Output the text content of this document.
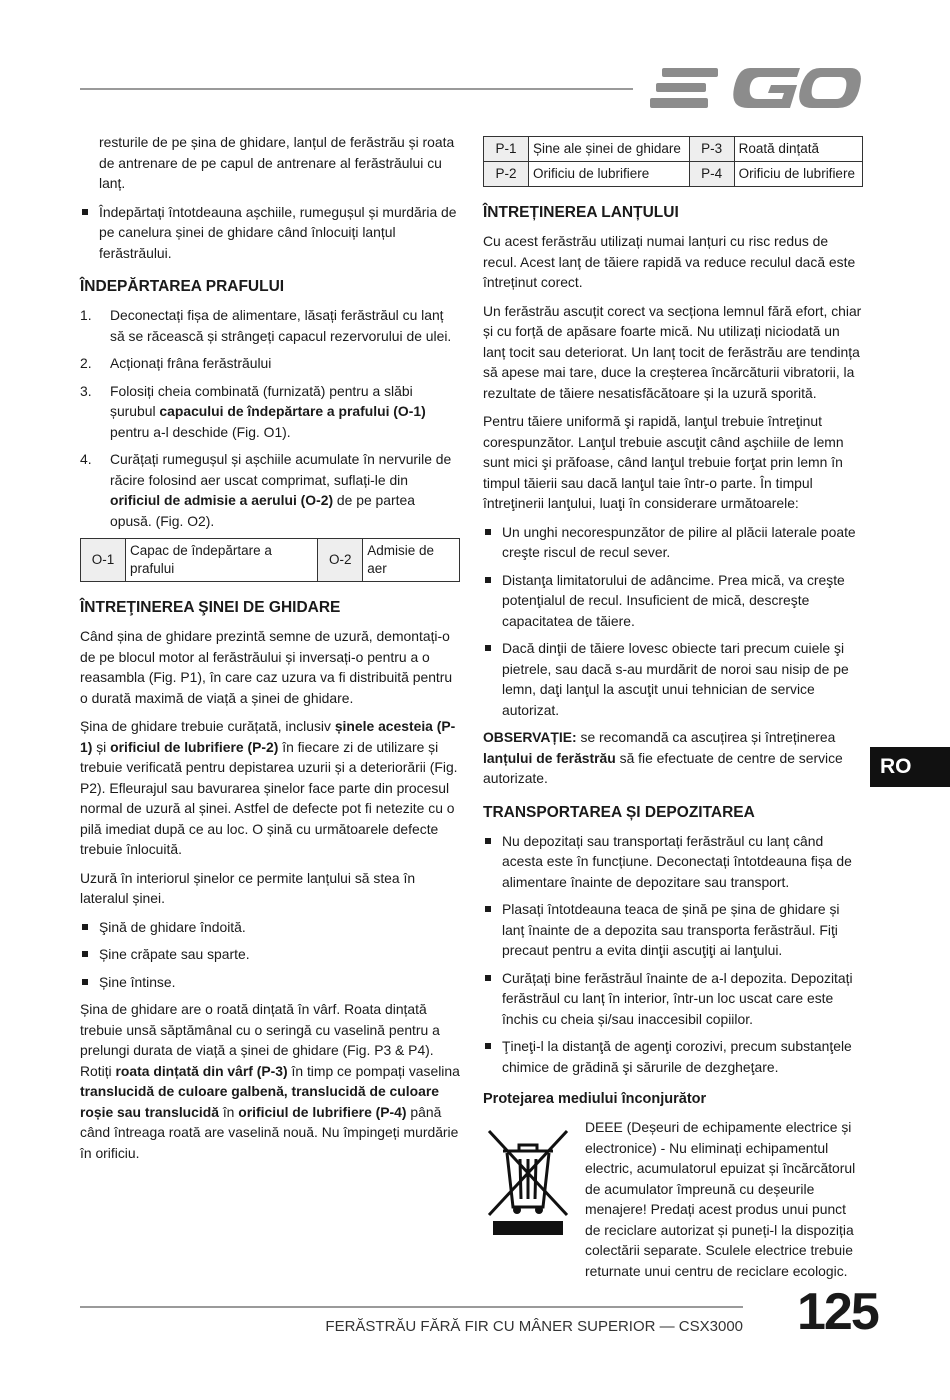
resturile de pe șina de ghidare, lanțul de ferăstrău și roata de antrenare de pe capul de antrenare al ferăstrăului cu lanț.

Îndepărtați întotdeauna așchiile, rumegușul și murdăria de pe canelura șinei de ghidare când înlocuiți lanțul ferăstrăului.
ÎNDEPĂRTAREA PRAFULUI
1. Deconectați fișa de alimentare, lăsați ferăstrăul cu lanț să se răcească și strângeți capacul rezervorului de ulei.
2. Acționați frâna ferăstrăului
3. Folosiți cheia combinată (furnizată) pentru a slăbi șurubul capacului de îndepărtare a prafului (O-1) pentru a-l deschide (Fig. O1).
4. Curățați rumegușul și așchiile acumulate în nervurile de răcire folosind aer uscat comprimat, suflați-le din orificiul de admisie a aerului (O-2) de pe partea opusă. (Fig. O2).
O-1	Capac de îndepărtare a prafului	O-2	Admisie de aer
ÎNTREŢINEREA ŞINEI DE GHIDARE

Când șina de ghidare prezintă semne de uzură, demontați-o de pe blocul motor al ferăstrăului și inversați-o pentru a o reasambla (Fig. P1), în care caz uzura va fi distribuită pentru o durată maximă de viață a șinei de ghidare.

Șina de ghidare trebuie curățată, inclusiv șinele acesteia (P-1) și orificiul de lubrifiere (P-2) în fiecare zi de utilizare și trebuie verificată pentru depistarea uzurii și a deteriorării (Fig. P2). Efleurajul sau bavurarea șinelor face parte din procesul normal de uzură al șinei. Astfel de defecte pot fi netezite cu o pilă imediat după ce au loc. O șină cu următoarele defecte trebuie înlocuită.

Uzură în interiorul șinelor ce permite lanțului să stea în lateralul șinei.

Şină de ghidare îndoită.
Șine crăpate sau sparte.
Șine întinse.

Șina de ghidare are o roată dințată în vârf. Roata dințată trebuie unsă săptămânal cu o seringă cu vaselină pentru a prelungi durata de viață a șinei de ghidare (Fig. P3 & P4). Rotiți roata dințată din vârf (P-3) în timp ce pompați vaselina translucidă de culoare galbenă, translucidă de culoare roșie sau translucidă în orificiul de lubrifiere (P-4) până când întreaga roată are vaselină nouă. Nu împingeți murdărie în orificiu.

P-1	Șine ale șinei de ghidare	P-3	Roată dințată
P-2	Orificiu de lubrifiere	P-4	Orificiu de lubrifiere
ÎNTREȚINEREA LANȚULUI

Cu acest ferăstrău utilizați numai lanțuri cu risc redus de recul. Acest lanț de tăiere rapidă va reduce reculul dacă este întreținut corect.

Un ferăstrău ascuțit corect va secționa lemnul fără efort, chiar și cu forță de apăsare foarte mică. Nu utilizați niciodată un lanț tocit sau deteriorat. Un lanț tocit de ferăstrău are tendința să apese mai tare, duce la creșterea încărcăturii vibratorii, la rezultate de tăiere nesatisfăcătoare și la uzură sporită.

Pentru tăiere uniformă şi rapidă, lanţul trebuie întreţinut corespunzător. Lanţul trebuie ascuţit când aşchiile de lemn sunt mici şi prăfoase, când lanţul trebuie forţat prin lemn în timpul tăierii sau dacă lanţul taie într-o parte. În timpul întreţinerii lanţului, luaţi în considerare următoarele:

Un unghi necorespunzător de pilire al plăcii laterale poate creşte riscul de recul sever.
Distanţa limitatorului de adâncime. Prea mică, va creşte potenţialul de recul. Insuficient de mică, descreşte capacitatea de tăiere.
Dacă dinţii de tăiere lovesc obiecte tari precum cuiele şi pietrele, sau dacă s-au murdărit de noroi sau nisip de pe lemn, daţi lanţul la ascuţit unui tehnician de service autorizat.

OBSERVAȚIE: se recomandă ca ascuțirea și întreținerea lanțului de ferăstrău să fie efectuate de centre de service autorizate.

TRANSPORTAREA ȘI DEPOZITAREA
Nu depozitați sau transportați ferăstrăul cu lanț când acesta este în funcțiune. Deconectați întotdeauna fișa de alimentare înainte de depozitare sau transport.
Plasați întotdeauna teaca de șină pe șina de ghidare și lanț înainte de a depozita sau transporta ferăstrăul. Fiţi precaut pentru a evita dinţii ascuţiţi ai lanţului.
Curățați bine ferăstrăul înainte de a-l depozita. Depozitați ferăstrăul cu lanț în interior, într-un loc uscat care este închis cu cheia și/sau inaccesibil copiilor.
Ţineţi-l la distanţă de agenţi corozivi, precum substanţele chimice de grădină şi sărurile de dezgheţare.
Protejarea mediului înconjurător
DEEE (Deșeuri de echipamente electrice și electronice) - Nu eliminați echipamentul electric, acumulatorul epuizat și încărcătorul de acumulator împreună cu deșeurile menajere! Predați acest produs unui punct de reciclare autorizat și puneți-l la dispoziția colectării separate. Sculele electrice trebuie returnate unui centru de reciclare ecologic.
RO
FERĂSTRĂU FĂRĂ FIR CU MÂNER SUPERIOR — CSX3000 125
